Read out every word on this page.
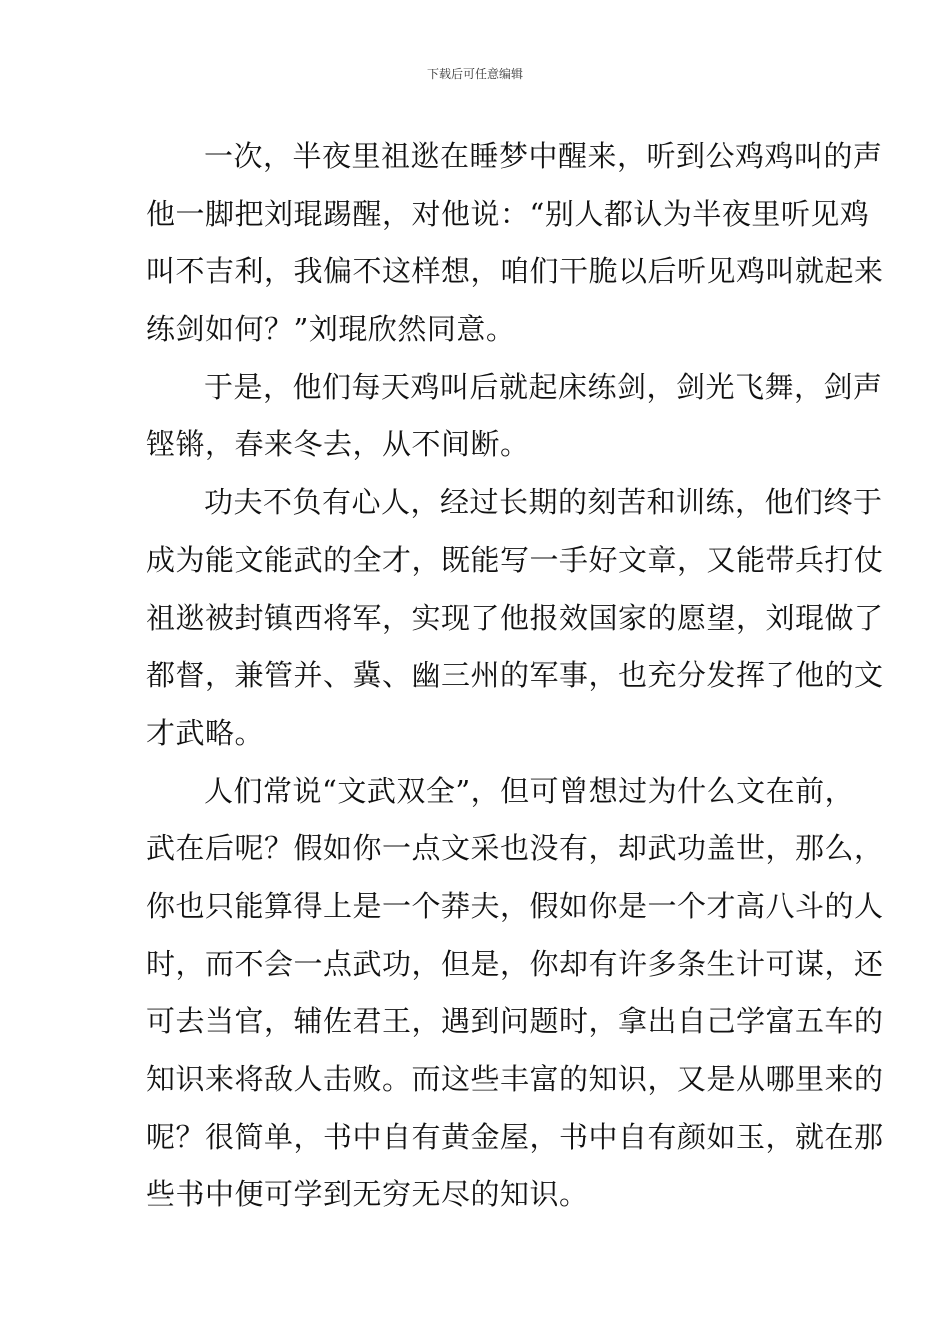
下载后可任意编辑
一次，半夜里祖逖在睡梦中醒来，听到公鸡鸡叫的声
他一脚把刘琨踢醒，对他说：“别人都认为半夜里听见鸡
叫不吉利，我偏不这样想，咱们干脆以后听见鸡叫就起来
练剑如何？”刘琨欣然同意。
于是，他们每天鸡叫后就起床练剑，剑光飞舞，剑声
铿锵，春来冬去，从不间断。
功夫不负有心人，经过长期的刻苦和训练，他们终于
成为能文能武的全才，既能写一手好文章，又能带兵打仗
祖逖被封镇西将军，实现了他报效国家的愿望，刘琨做了
都督，兼管并、冀、幽三州的军事，也充分发挥了他的文
才武略。
人们常说“文武双全”，但可曾想过为什么文在前，
武在后呢？假如你一点文采也没有，却武功盖世，那么，
你也只能算得上是一个莽夫，假如你是一个才高八斗的人
时，而不会一点武功，但是，你却有许多条生计可谋，还
可去当官，辅佐君王，遇到问题时，拿出自己学富五车的
知识来将敌人击败。而这些丰富的知识，又是从哪里来的
呢？很简单，书中自有黄金屋，书中自有颜如玉，就在那
些书中便可学到无穷无尽的知识。
